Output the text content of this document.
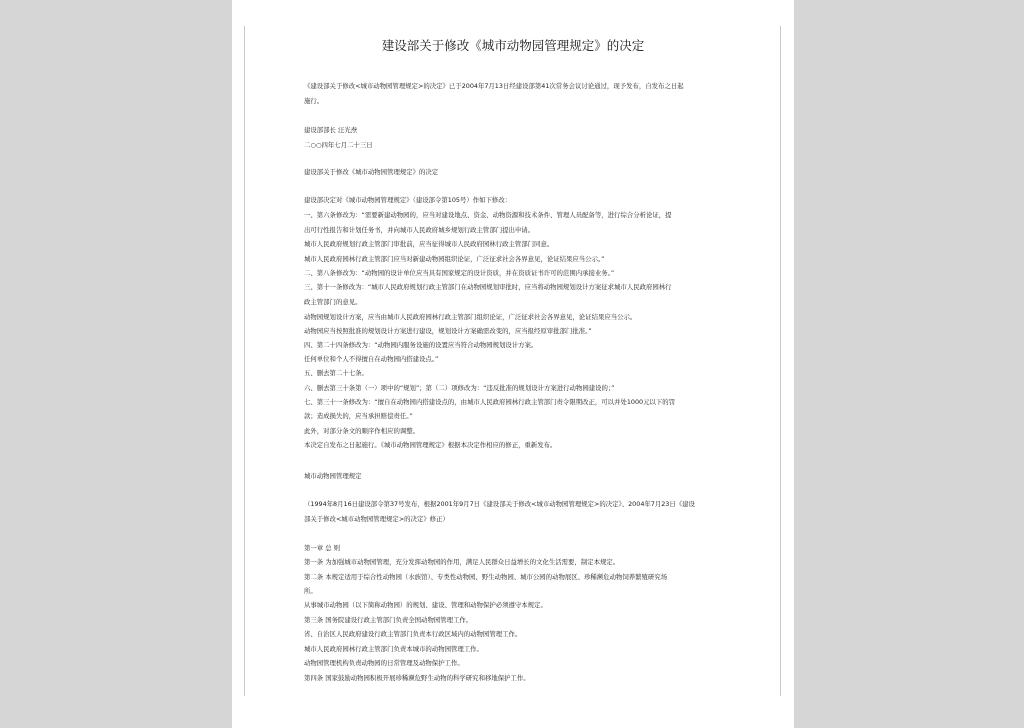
建设部关于修改《城市动物园管理规定》的决定
《建设部关于修改<城市动物园管理规定>的决定》已于2004年7月13日经建设部第41次常务会议讨论通过，现予发布，自发布之日起
施行。
建设部部长 汪光焘
二○○四年七月二十三日
建设部关于修改《城市动物园管理规定》的决定
建设部决定对《城市动物园管理规定》（建设部令第105号）作如下修改：
一、第六条修改为：“需要新建动物园的，应当对建设地点、资金、动物资源和技术条件、管理人员配备等，进行综合分析论证，提
出可行性报告和计划任务书，并向城市人民政府城乡规划行政主管部门提出申请。
城市人民政府规划行政主管部门审批前，应当征得城市人民政府园林行政主管部门同意。
城市人民政府园林行政主管部门应当对新建动物园组织论证，广泛征求社会各界意见，论证结果应当公示。”
二、第八条修改为：“动物园的设计单位应当具有国家规定的设计资质，并在资质证书许可的范围内承接业务。”
三、第十一条修改为：“城市人民政府规划行政主管部门在动物园规划审批时，应当将动物园规划设计方案征求城市人民政府园林行
政主管部门的意见。
动物园规划设计方案，应当由城市人民政府园林行政主管部门组织论证，广泛征求社会各界意见，论证结果应当公示。
动物园应当按照批准的规划设计方案进行建设，规划设计方案确需改变的，应当报经原审批部门批准。”
四、第二十四条修改为：“动物园内服务设施的设置应当符合动物园规划设计方案。
任何单位和个人不得擅自在动物园内搭建设点。”
五、删去第二十七条。
六、删去第三十条第（一）项中的“规划”；第（二）项修改为：“违反批准的规划设计方案进行动物园建设的；”
七、第三十一条修改为：“擅自在动物园内搭建设点的，由城市人民政府园林行政主管部门责令限期改正，可以并处1000元以下的罚
款；造成损失的，应当承担赔偿责任。”
此外，对部分条文的顺序作相应的调整。
本决定自发布之日起施行。《城市动物园管理规定》根据本决定作相应的修正，重新发布。
城市动物园管理规定
（1994年8月16日建设部令第37号发布，根据2001年9月7日《建设部关于修改<城市动物园管理规定>的决定》、2004年7月23日《建设
部关于修改<城市动物园管理规定>的决定》修正）
第一章 总 则
第一条 为加强城市动物园管理，充分发挥动物园的作用，满足人民群众日益增长的文化生活需要，制定本规定。
第二条 本规定适用于综合性动物园（水族馆）、专类性动物园、野生动物园、城市公园的动物展区、珍稀濒危动物饲养繁殖研究场
所。
从事城市动物园（以下简称动物园）的规划、建设、管理和动物保护必须遵守本规定。
第三条 国务院建设行政主管部门负责全国动物园管理工作。
省、自治区人民政府建设行政主管部门负责本行政区域内的动物园管理工作。
城市人民政府园林行政主管部门负责本城市的动物园管理工作。
动物园管理机构负责动物园的日常管理及动物保护工作。
第四条 国家鼓励动物园积极开展珍稀濒危野生动物的科学研究和移地保护工作。
